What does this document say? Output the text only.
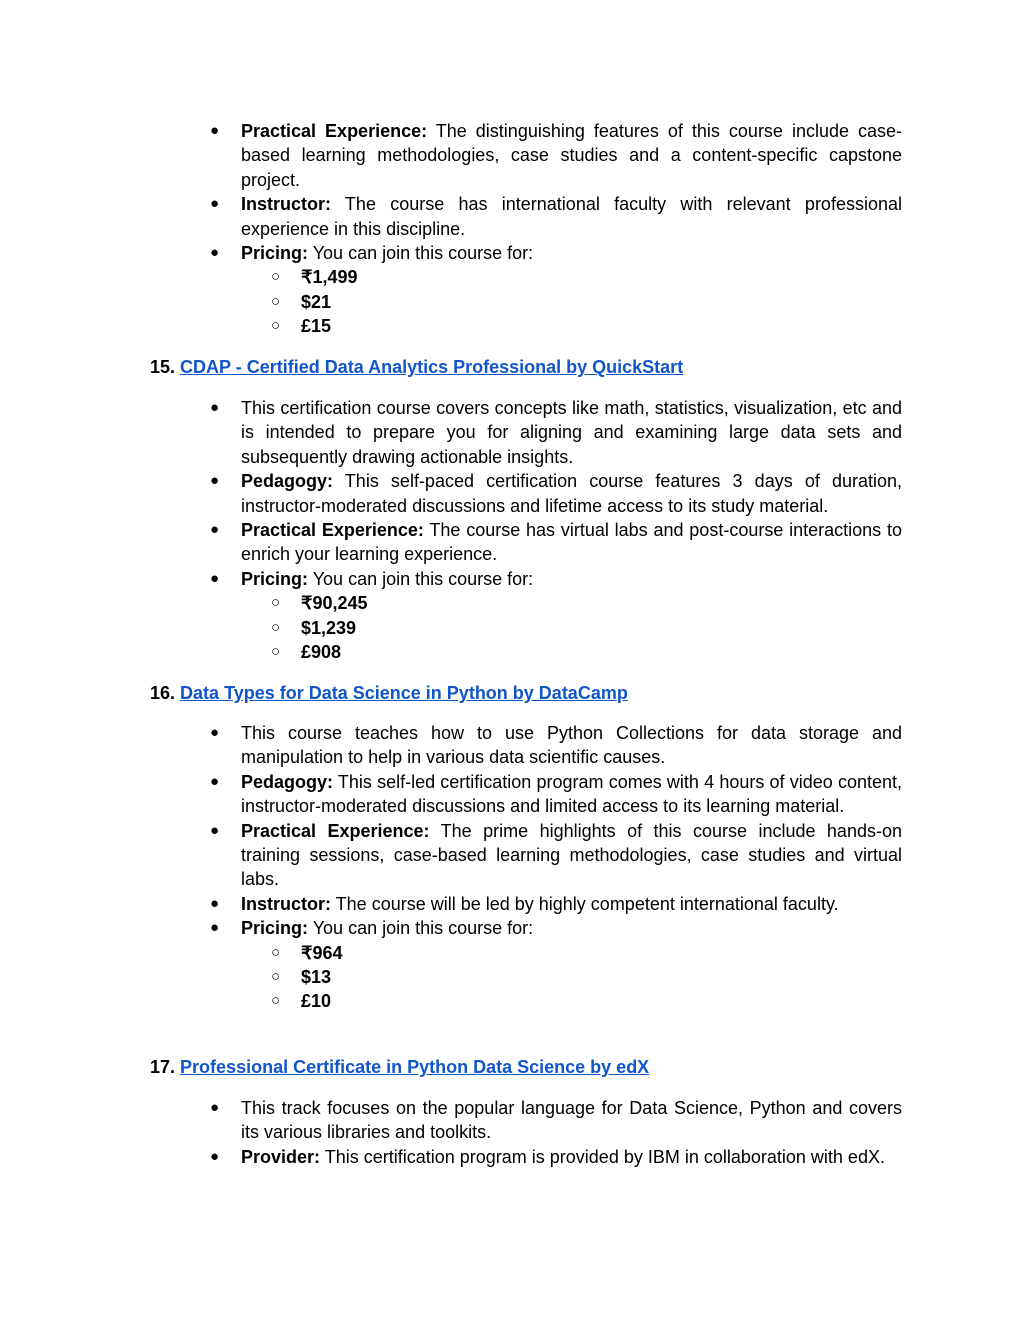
● Practical Experience: The distinguishing features of this course include case-based learning methodologies, case studies and a content-specific capstone project.
● Instructor: The course has international faculty with relevant professional experience in this discipline.
● Pricing: You can join this course for:
○ ₹1,499
○ $21
○ £15
15. CDAP - Certified Data Analytics Professional by QuickStart
● This certification course covers concepts like math, statistics, visualization, etc and is intended to prepare you for aligning and examining large data sets and subsequently drawing actionable insights.
● Pedagogy: This self-paced certification course features 3 days of duration, instructor-moderated discussions and lifetime access to its study material.
● Practical Experience: The course has virtual labs and post-course interactions to enrich your learning experience.
● Pricing: You can join this course for:
○ ₹90,245
○ $1,239
○ £908
16. Data Types for Data Science in Python by DataCamp
● This course teaches how to use Python Collections for data storage and manipulation to help in various data scientific causes.
● Pedagogy: This self-led certification program comes with 4 hours of video content, instructor-moderated discussions and limited access to its learning material.
● Practical Experience: The prime highlights of this course include hands-on training sessions, case-based learning methodologies, case studies and virtual labs.
● Instructor: The course will be led by highly competent international faculty.
● Pricing: You can join this course for:
○ ₹964
○ $13
○ £10
17. Professional Certificate in Python Data Science by edX
● This track focuses on the popular language for Data Science, Python and covers its various libraries and toolkits.
● Provider: This certification program is provided by IBM in collaboration with edX.
